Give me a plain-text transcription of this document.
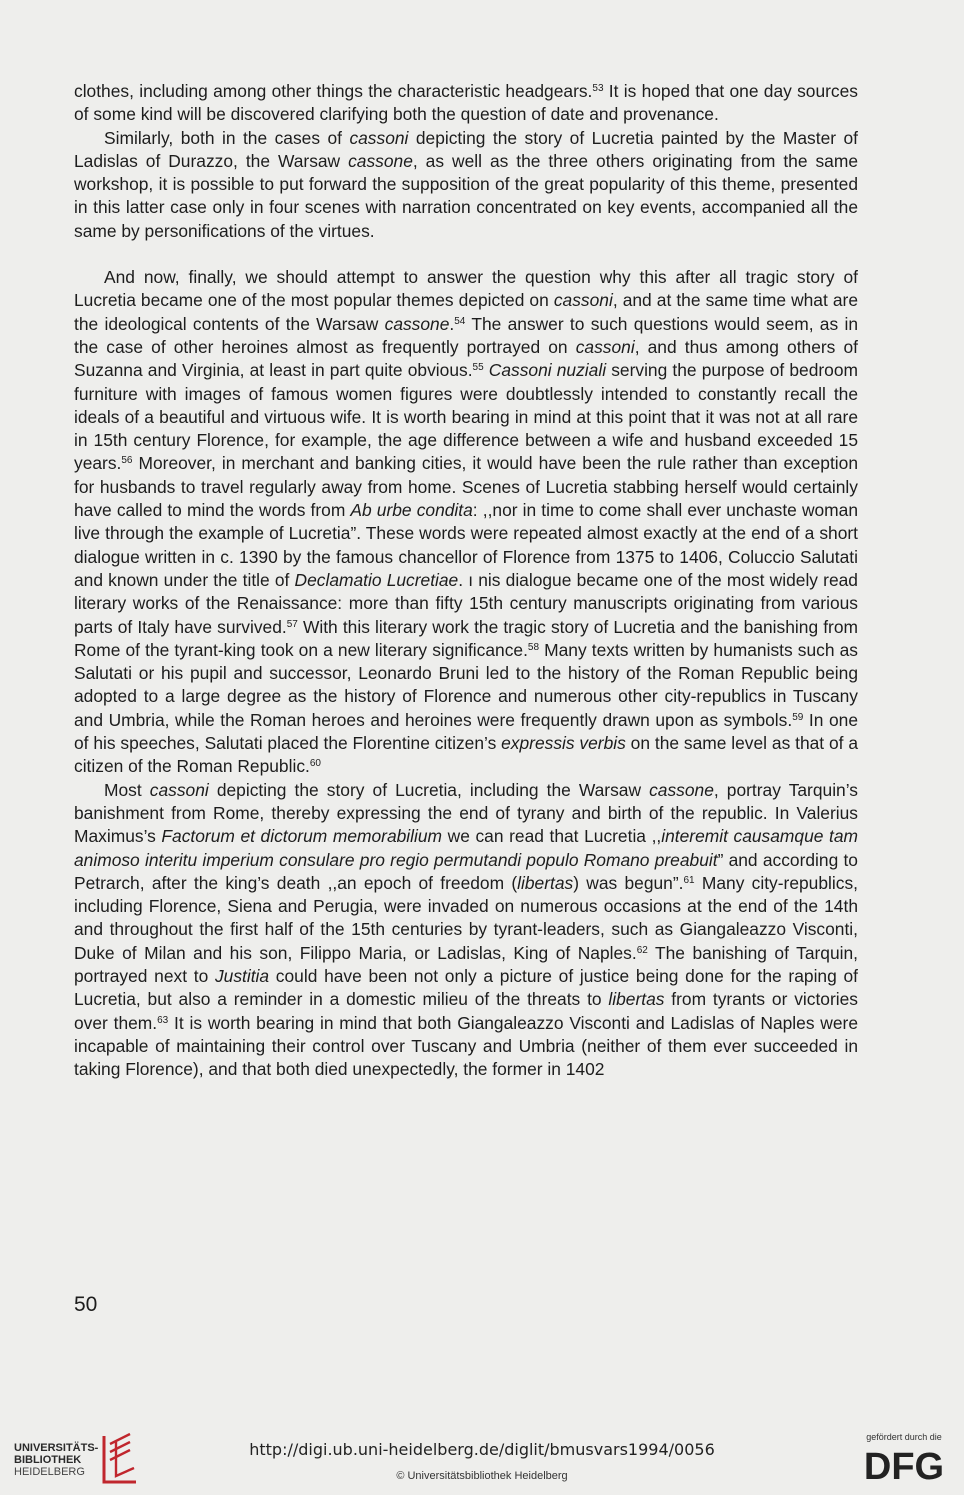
clothes, including among other things the characteristic headgears.$^{53}$ It is hoped that one day sources of some kind will be discovered clarifying both the question of date and provenance.

Similarly, both in the cases of cassoni depicting the story of Lucretia painted by the Master of Ladislas of Durazzo, the Warsaw cassone, as well as the three others originating from the same workshop, it is possible to put forward the supposition of the great popularity of this theme, presented in this latter case only in four scenes with narration concentrated on key events, accompanied all the same by personifications of the virtues.

And now, finally, we should attempt to answer the question why this after all tragic story of Lucretia became one of the most popular themes depicted on cassoni, and at the same time what are the ideological contents of the Warsaw cassone.$^{54}$ The answer to such questions would seem, as in the case of other heroines almost as frequently portrayed on cassoni, and thus among others of Suzanna and Virginia, at least in part quite obvious.$^{55}$ Cassoni nuziali serving the purpose of bedroom furniture with images of famous women figures were doubtlessly intended to constantly recall the ideals of a beautiful and virtuous wife. It is worth bearing in mind at this point that it was not at all rare in 15th century Florence, for example, the age difference between a wife and husband exceeded 15 years.$^{56}$ Moreover, in merchant and banking cities, it would have been the rule rather than exception for husbands to travel regularly away from home. Scenes of Lucretia stabbing herself would certainly have called to mind the words from Ab urbe condita: ,,nor in time to come shall ever unchaste woman live through the example of Lucretia”. These words were repeated almost exactly at the end of a short dialogue written in c. 1390 by the famous chancellor of Florence from 1375 to 1406, Coluccio Salutati and known under the title of Declamatio Lucretiae. ı nis dialogue became one of the most widely read literary works of the Renaissance: more than fifty 15th century manuscripts originating from various parts of Italy have survived.$^{57}$ With this literary work the tragic story of Lucretia and the banishing from Rome of the tyrant-king took on a new literary significance.$^{58}$ Many texts written by humanists such as Salutati or his pupil and successor, Leonardo Bruni led to the history of the Roman Republic being adopted to a large degree as the history of Florence and numerous other city-republics in Tuscany and Umbria, while the Roman heroes and heroines were frequently drawn upon as symbols.$^{59}$ In one of his speeches, Salutati placed the Florentine citizen’s expressis verbis on the same level as that of a citizen of the Roman Republic.$^{60}$

Most cassoni depicting the story of Lucretia, including the Warsaw cassone, portray Tarquin’s banishment from Rome, thereby expressing the end of tyrany and birth of the republic. In Valerius Maximus’s Factorum et dictorum memorabilium we can read that Lucretia ,,interemit causamque tam animoso interitu imperium consulare pro regio permutandi populo Romano preabuit” and according to Petrarch, after the king’s death ,,an epoch of freedom (libertas) was begun”.$^{61}$ Many city-republics, including Florence, Siena and Perugia, were invaded on numerous occasions at the end of the 14th and throughout the first half of the 15th centuries by tyrant-leaders, such as Giangaleazzo Visconti, Duke of Milan and his son, Filippo Maria, or Ladislas, King of Naples.$^{62}$ The banishing of Tarquin, portrayed next to Justitia could have been not only a picture of justice being done for the raping of Lucretia, but also a reminder in a domestic milieu of the threats to libertas from tyrants or victories over them.$^{63}$ It is worth bearing in mind that both Giangaleazzo Visconti and Ladislas of Naples were incapable of maintaining their control over Tuscany and Umbria (neither of them ever succeeded in taking Florence), and that both died unexpectedly, the former in 1402

50
UNIVERSITÄTS-
BIBLIOTHEK
HEIDELBERG
http://digi.ub.uni-heidelberg.de/diglit/bmusvars1994/0056
© Universitätsbibliothek Heidelberg
gefördert durch die
DFG
